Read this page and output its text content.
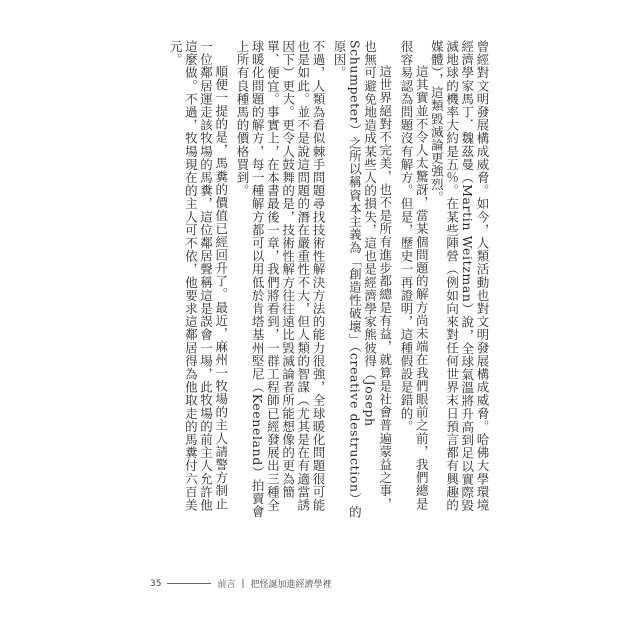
曾經對文明發展構成威脅。如今，人類活動也對文明發展構成威脅。哈佛大學環境經濟學家馬丁．魏茲曼（Martin Weitzman）說，全球氣溫將升高到足以實際毀滅地球的機率大約是五％。在某些陣營（例如向來對任何世界末日預言都有興趣的媒體），這類毀滅論更強烈。

這其實並不令人太驚訝，當某個問題的解方尚未端在我們眼前之前，我們總是很容易認為問題沒有解方。但是，歷史一再證明，這種假設是錯的。

這世界絕對不完美，也不是所有進步都總是有益，就算是社會普遍蒙益之事，也無可避免地造成某些人的損失，這也是經濟學家熊彼得（Joseph Schumpeter）之所以稱資本主義為「創造性破壞」（creative destruction）的原因。

不過，人類為看似棘手問題尋找技術性解決方法的能力很強，全球暖化問題很可能也是如此。並不是說這問題的潛在嚴重性不大，但人類的智謀（尤其是在有適當誘因下）更大。更令人鼓舞的是，技術性解方往往遠比毀滅論者所能想像的更為簡單、便宜。事實上，在本書最後一章，我們將看到，一群工程師已經發展出三種全球暖化問題的解方，每一種解方都可以用低於肯塔基州堅尼（Keeneland）拍賣會上所有良種馬的價格買到。

順便一提的是，馬糞的價值已經回升了。最近，麻州一牧場的主人請警方制止一位鄰居運走該牧場的馬糞，這位鄰居聲稱這是誤會一場，此牧場的前主人允許他這麼做。不過，牧場現在的主人可不依，他要求這鄰居得為他取走的馬糞付六百美元。

35	前言 | 把怪誕加進經濟學裡
